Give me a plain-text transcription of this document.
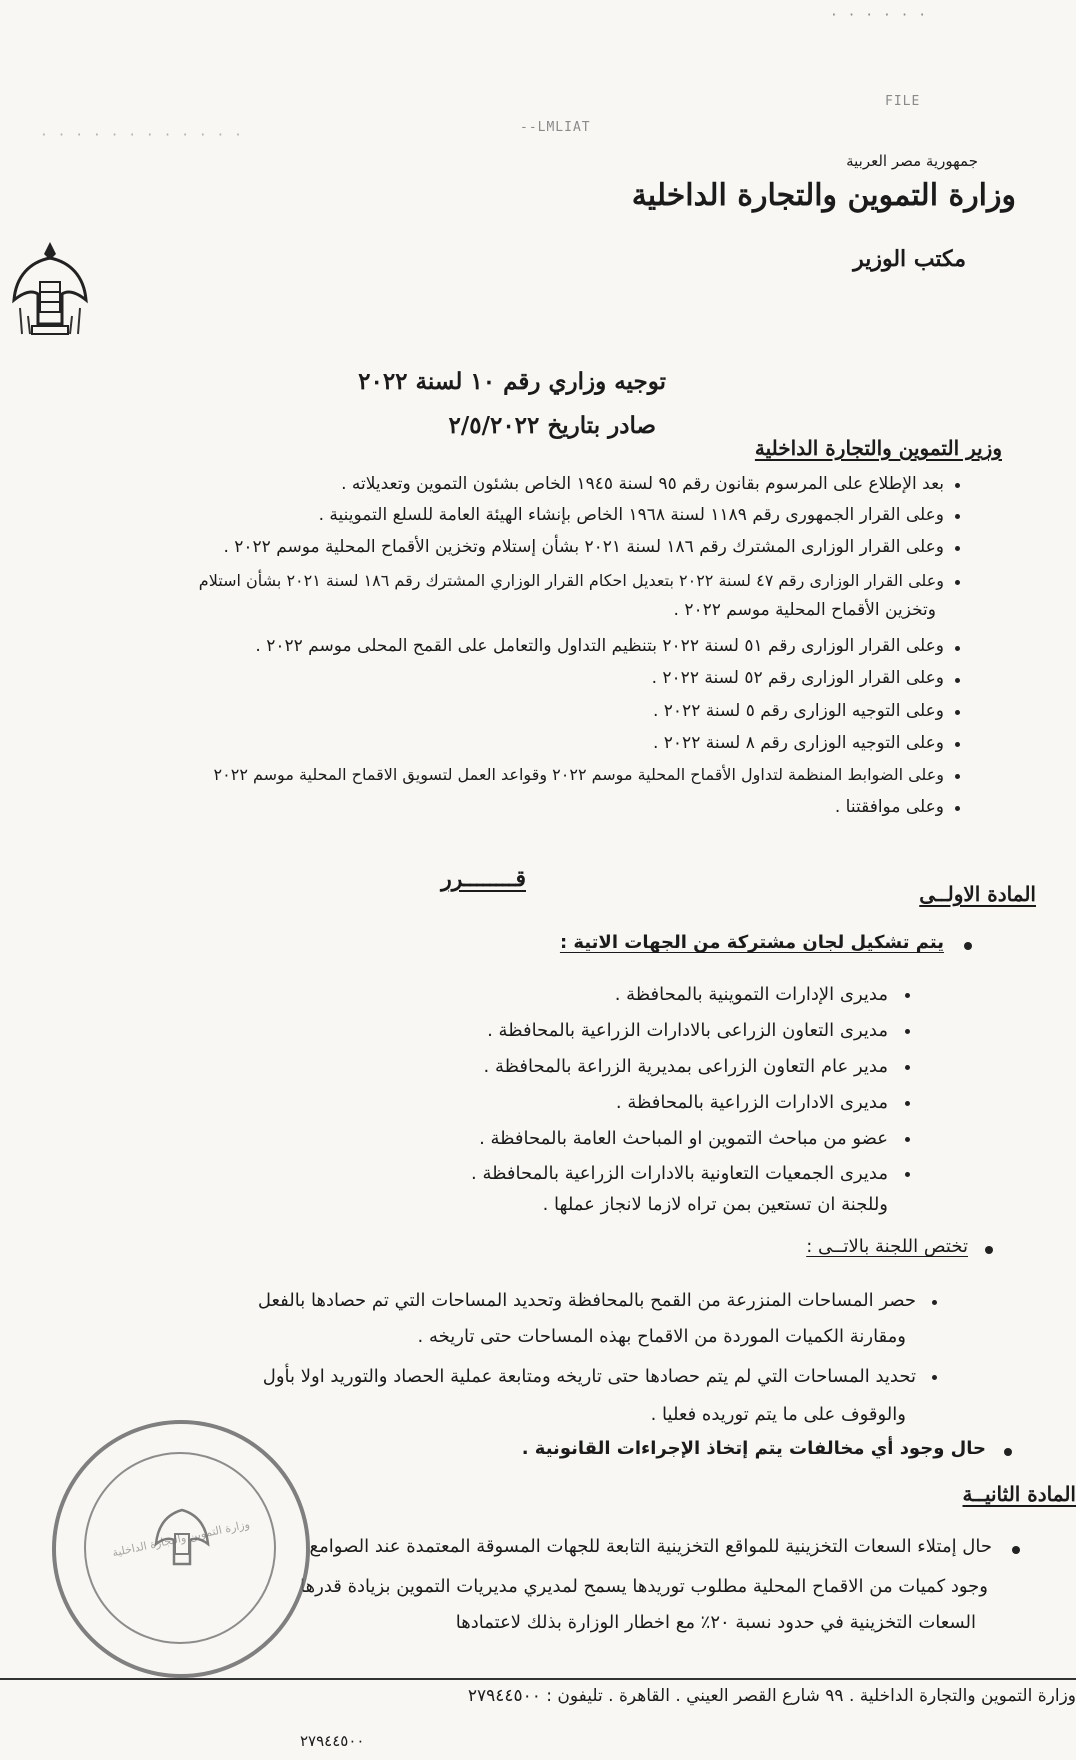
· · · · · ·
FILE
--LMLIAT
· · · · · · · · · · · ·
جمهورية مصر العربية
وزارة التموين والتجارة الداخلية
مكتب الوزير
توجيه وزاري رقم ١٠ لسنة ٢٠٢٢
صادر بتاريخ ٢/٥/٢٠٢٢
وزير التموين والتجارة الداخلية
بعد الإطلاع على المرسوم بقانون رقم ٩٥ لسنة ١٩٤٥ الخاص بشئون التموين وتعديلاته .
وعلى القرار الجمهورى رقم ١١٨٩ لسنة ١٩٦٨ الخاص بإنشاء الهيئة العامة للسلع التموينية .
وعلى القرار الوزارى المشترك رقم ١٨٦ لسنة ٢٠٢١ بشأن إستلام وتخزين الأقماح المحلية موسم ٢٠٢٢ .
وعلى القرار الوزارى رقم ٤٧ لسنة ٢٠٢٢ بتعديل احكام القرار الوزاري المشترك رقم ١٨٦ لسنة ٢٠٢١ بشأن استلام
وتخزين الأقماح المحلية موسم ٢٠٢٢ .
وعلى القرار الوزارى رقم ٥١ لسنة ٢٠٢٢ بتنظيم التداول والتعامل على القمح المحلى موسم ٢٠٢٢ .
وعلى القرار الوزارى رقم ٥٢ لسنة ٢٠٢٢ .
وعلى التوجيه الوزارى رقم ٥ لسنة ٢٠٢٢ .
وعلى التوجيه الوزارى رقم ٨ لسنة ٢٠٢٢ .
وعلى الضوابط المنظمة لتداول الأقماح المحلية موسم ٢٠٢٢ وقواعد العمل لتسويق الاقماح المحلية موسم ٢٠٢٢
وعلى موافقتنا .
قــــــــرر
المادة الاولــى
يتم تشكيل لجان مشتركة من الجهات الاتية :
مديرى الإدارات التموينية بالمحافظة .
مديرى التعاون الزراعى بالادارات الزراعية بالمحافظة .
مدير عام التعاون الزراعى بمديرية الزراعة بالمحافظة .
مديرى الادارات الزراعية بالمحافظة .
عضو من مباحث التموين او المباحث العامة بالمحافظة .
مديرى الجمعيات التعاونية بالادارات الزراعية بالمحافظة .
وللجنة ان تستعين بمن تراه لازما لانجاز عملها .
تختص اللجنة بالاتــى :
حصر المساحات المنزرعة من القمح بالمحافظة وتحديد المساحات التي تم حصادها بالفعل
ومقارنة الكميات الموردة من الاقماح بهذه المساحات حتى تاريخه .
تحديد المساحات التي لم يتم حصادها حتى تاريخه ومتابعة عملية الحصاد والتوريد اولا بأول
والوقوف على ما يتم توريده فعليا .
حال وجود أي مخالفات يتم إتخاذ الإجراءات القانونية .
المادة الثانيــة
حال إمتلاء السعات التخزينية للمواقع التخزينية التابعة للجهات المسوقة المعتمدة عند الصوامع
وجود كميات من الاقماح المحلية مطلوب توريدها يسمح لمديري مديريات التموين بزيادة قدرها
السعات التخزينية في حدود نسبة ٢٠٪ مع اخطار الوزارة بذلك لاعتمادها
وزارة التموين والتجارة الداخلية
وزارة التموين والتجارة الداخلية . ٩٩ شارع القصر العيني . القاهرة . تليفون : ٢٧٩٤٤٥٠٠
٢٧٩٤٤٥٠٠
